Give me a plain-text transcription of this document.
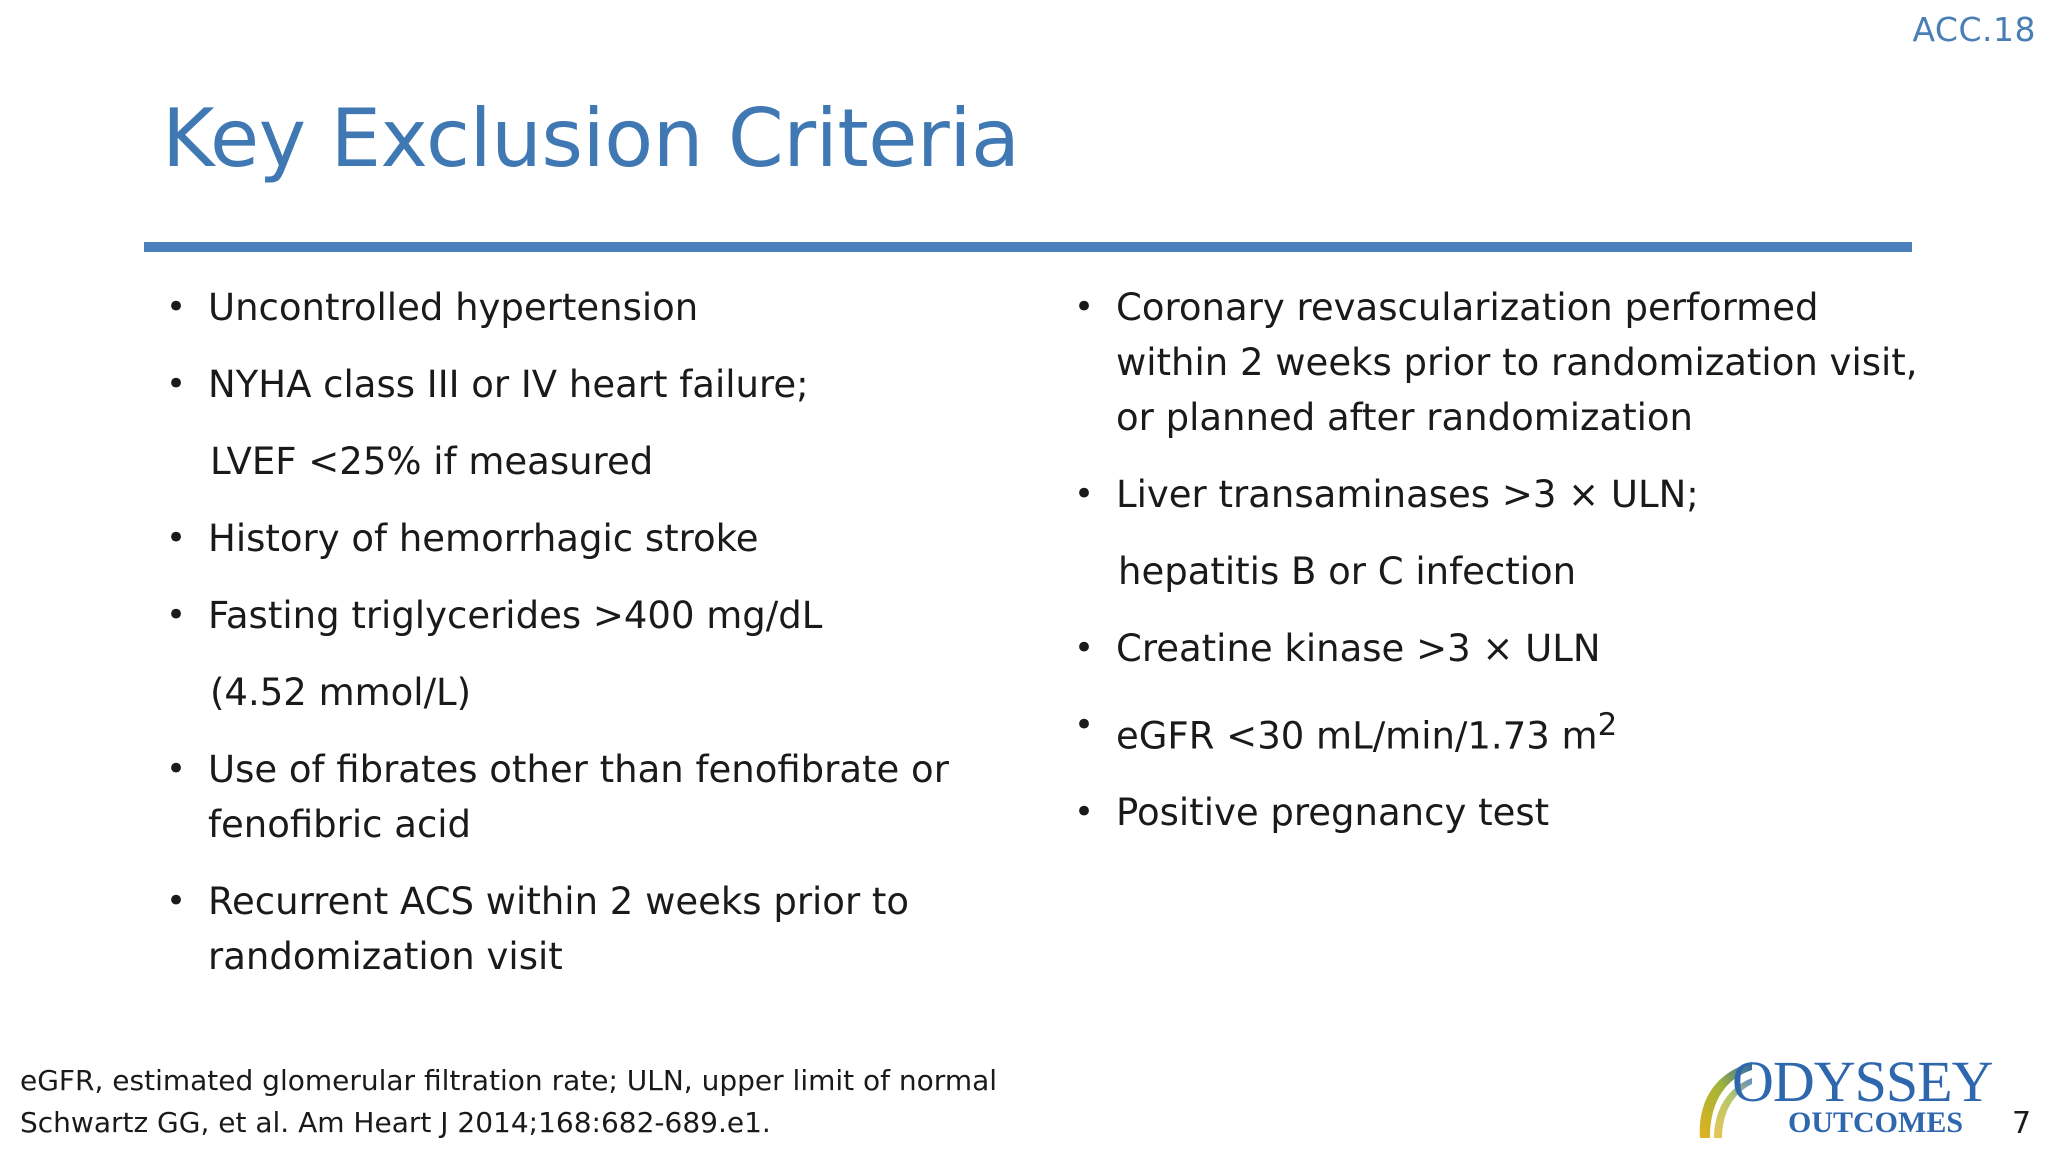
ACC.18
Key Exclusion Criteria
• Uncontrolled hypertension
• NYHA class III or IV heart failure;
LVEF <25% if measured
• History of hemorrhagic stroke
• Fasting triglycerides >400 mg/dL
(4.52 mmol/L)
• Use of fibrates other than fenofibrate or fenofibric acid
• Recurrent ACS within 2 weeks prior to randomization visit
• Coronary revascularization performed within 2 weeks prior to randomization visit, or planned after randomization
• Liver transaminases >3 × ULN;
hepatitis B or C infection
• Creatine kinase >3 × ULN
• eGFR <30 mL/min/1.73 $m^2$
• Positive pregnancy test
eGFR, estimated glomerular filtration rate; ULN, upper limit of normal
Schwartz GG, et al. Am Heart J 2014;168:682-689.e1.
ODYSSEY
OUTCOMES 7
